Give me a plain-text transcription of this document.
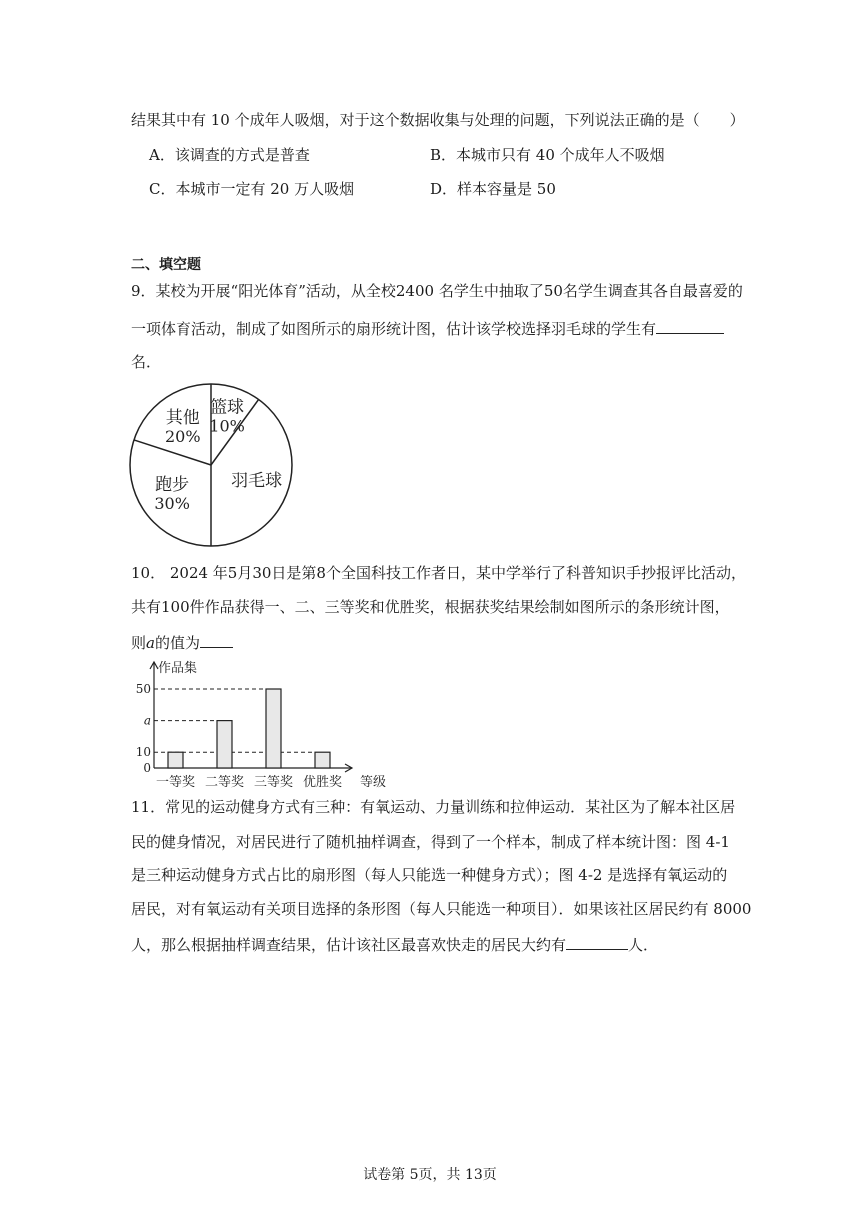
结果其中有 10 个成年人吸烟，对于这个数据收集与处理的问题，下列说法正确的是（　　）
A．该调查的方式是普查	B．本城市只有 40 个成年人不吸烟
C．本城市一定有 20 万人吸烟	D．样本容量是 50
二、填空题
9．某校为开展“阳光体育”活动，从全校2400 名学生中抽取了50名学生调查其各自最喜爱的
一项体育活动，制成了如图所示的扇形统计图，估计该学校选择羽毛球的学生有
名．
篮球
10%
羽毛球
跑步
30%
其他
20%
10． 2024 年5月30日是第8个全国科技工作者日，某中学举行了科普知识手抄报评比活动，
共有100件作品获得一、二、三等奖和优胜奖，根据获奖结果绘制如图所示的条形统计图，
则a的值为
作品集
等级
一等奖 二等奖 三等奖 优胜奖
50
a
10
0
11．常见的运动健身方式有三种：有氧运动、力量训练和拉伸运动．某社区为了解本社区居
民的健身情况，对居民进行了随机抽样调查，得到了一个样本，制成了样本统计图：图 4-1
是三种运动健身方式占比的扇形图（每人只能选一种健身方式）；图 4-2 是选择有氧运动的
居民，对有氧运动有关项目选择的条形图（每人只能选一种项目）．如果该社区居民约有 8000
人，那么根据抽样调查结果，估计该社区最喜欢快走的居民大约有	人．
试卷第 5页，共 13页
